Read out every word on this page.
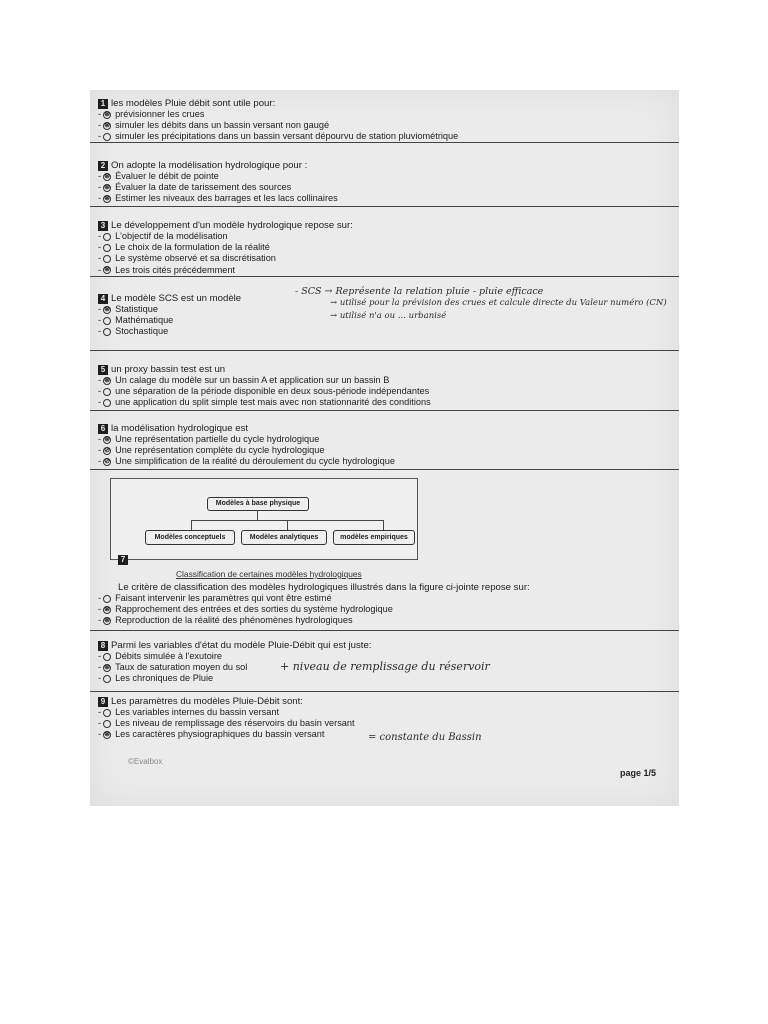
1 les modèles Pluie débit sont utile pour:
- ⊗ prévisionner les crues
- ⊗ simuler les débits dans un bassin versant non gaugé
- simuler les précipitations dans un bassin versant dépourvu de station pluviométrique
2 On adopte la modélisation hydrologique pour :
- ⊗ Évaluer le débit de pointe
- ⊗ Évaluer la date de tarissement des sources
- ⊗ Estimer les niveaux des barrages et les lacs collinaires
3 Le développement d'un modèle hydrologique repose sur:
- L'objectif de la modélisation
- Le choix de la formulation de la réalité
- Le système observé et sa discrétisation
- ⊗ Les trois cités précédemment
4 Le modèle SCS est un modèle
- ⊗ Statistique
- Mathématique
- Stochastique
- SCS → Représente la relation pluie - pluie efficace
→ utilisé pour la prévision des crues et calcule directe du Valeur numéro (CN)
→ utilisé n'a ou ... urbanisé
5 un proxy bassin test est un
- ⊗ Un calage du modèle sur un bassin A et application sur un bassin B
- une séparation de la période disponible en deux sous-période indépendantes
- une application du split simple test mais avec non stationnarité des conditions
6 la modélisation hydrologique est
- ⊗ Une représentation partielle du cycle hydrologique
- ⊘ Une représentation complète du cycle hydrologique
- ⊘ Une simplification de la réalité du déroulement du cycle hydrologique
Modèles à base physique
Modèles conceptuels	Modèles analytiques	modèles empiriques
7
Classification de certaines modèles hydrologiques
Le critère de classification des modèles hydrologiques illustrés dans la figure ci-jointe repose sur:
- Faisant intervenir les paramètres qui vont être estimé
- ⊗ Rapprochement des entrées et des sorties du système hydrologique
- ⊗ Reproduction de la réalité des phénomènes hydrologiques
8 Parmi les variables d'état du modèle Pluie-Débit qui est juste:
- Débits simulée à l'exutoire
- ⊗ Taux de saturation moyen du sol
- Les chroniques de Pluie
+ niveau de remplissage du réservoir
9 Les paramètres du modèles Pluie-Débit sont:
- Les variables internes du bassin versant
- Les niveau de remplissage des réservoirs du basin versant
- ⊗ Les caractères physiographiques du bassin versant	= constante du Bassin
©Evalbox
page 1/5
